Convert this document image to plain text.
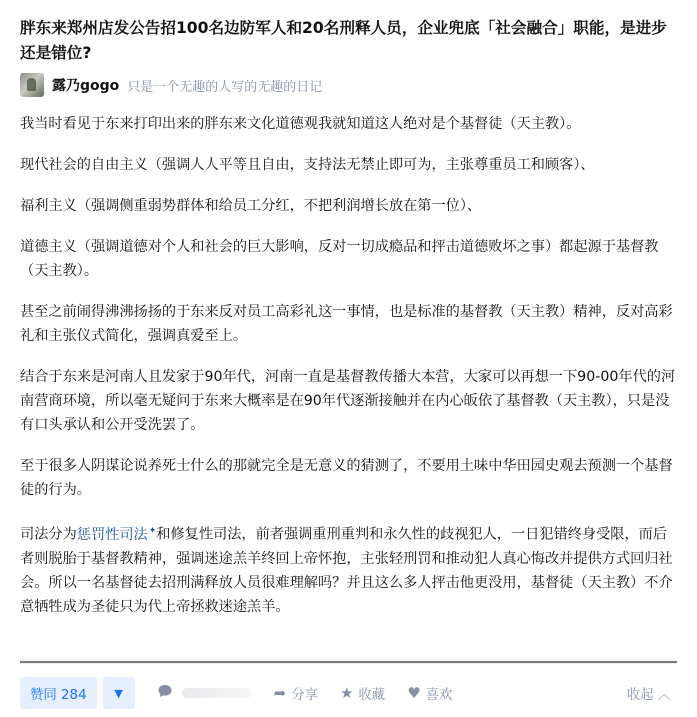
胖东来郑州店发公告招100名边防军人和20名刑释人员，企业兜底「社会融合」职能，是进步还是错位?
露乃gogo 只是一个无趣的人写的无趣的日记

我当时看见于东来打印出来的胖东来文化道德观我就知道这人绝对是个基督徒（天主教）。

现代社会的自由主义（强调人人平等且自由，支持法无禁止即可为，主张尊重员工和顾客）、

福利主义（强调侧重弱势群体和给员工分红，不把利润增长放在第一位）、

道德主义（强调道德对个人和社会的巨大影响，反对一切成瘾品和抨击道德败坏之事）都起源于基督教（天主教）。

甚至之前闹得沸沸扬扬的于东来反对员工高彩礼这一事情，也是标准的基督教（天主教）精神，反对高彩礼和主张仪式简化，强调真爱至上。

结合于东来是河南人且发家于90年代，河南一直是基督教传播大本营，大家可以再想一下90-00年代的河南营商环境，所以毫无疑问于东来大概率是在90年代逐渐接触并在内心皈依了基督教（天主教），只是没有口头承认和公开受洗罢了。

至于很多人阴谋论说养死士什么的那就完全是无意义的猜测了，不要用土味中华田园史观去预测一个基督徒的行为。

司法分为惩罚性司法✦和修复性司法，前者强调重刑重判和永久性的歧视犯人，一日犯错终身受限，而后者则脱胎于基督教精神，强调迷途羔羊终回上帝怀抱，主张轻刑罚和推动犯人真心悔改并提供方式回归社会。所以一名基督徒去招刑满释放人员很难理解吗？并且这么多人抨击他更没用，基督徒（天主教）不介意牺牲成为圣徒只为代上帝拯救迷途羔羊。

赞同 284	▼	➦ 分享 ★ 收藏 ♥ 喜欢	收起 ︿
